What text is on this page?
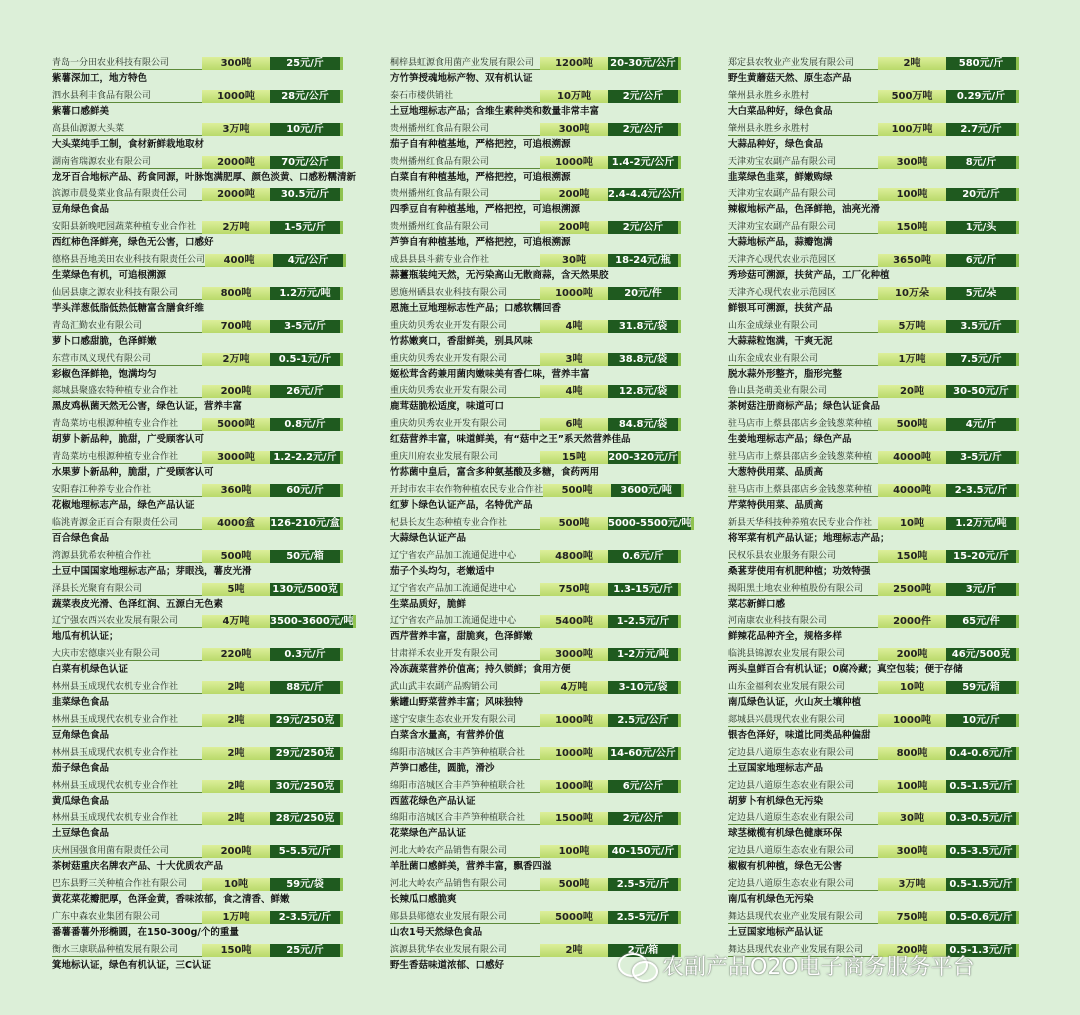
青岛一分田农业科技有限公司	300吨	25元/斤
紫薯深加工，地方特色
泗水县利丰食品有限公司	1000吨	28元/公斤
紫薯口感鲜美
高县仙源源大头菜	3万吨	10元/斤
大头菜纯手工制，食材新鲜栽地取材
湖南省瑞源农业有限公司	2000吨	70元/公斤
龙牙百合地标产品、药食同源，叶脉饱满肥厚、颜色淡黄、口感粉糯清新
滨源市晨曼菜业食品有限责任公司	2000吨	30.5元/斤
豆角绿色食品
安阳县新晚吧园蔬菜种植专业合作社	2万吨	1-5元/斤
西红柿色泽鲜亮，绿色无公害，口感好
德格县吾地美田农业科技有限责任公司	400吨	4元/公斤
生菜绿色有机，可追根溯源
仙居县康之源农业科技有限公司	800吨	1.2万元/吨
芋头洋葱低脂低热低糖富含膳食纤维
青岛汇勤农业有限公司	700吨	3-5元/斤
萝卜口感甜脆，色泽鲜嫩
东营市凤义现代有限公司	2万吨	0.5-1元/斤
彩椒色泽鲜艳，饱满均匀
郯城县聚盛农特种植专业合作社	200吨	26元/斤
黑皮鸡枞菌天然无公害，绿色认证，营养丰富
青岛菜坊屯根源种植专业合作社	5000吨	0.8元/斤
胡萝卜新品种，脆甜，广受顾客认可
青岛菜坊屯根源种植专业合作社	3000吨	1.2-2.2元/斤
水果萝卜新品种，脆甜，广受顾客认可
安阳春江种养专业合作社	360吨	60元/斤
花椒地理标志产品，绿色产品认证
临洮青源金正百合有限责任公司	4000盒	126-210元/盒
百合绿色食品
湾源县犹希农种植合作社	500吨	50元/箱
土豆中国国家地理标志产品；芽眼浅，薯皮光滑
泽县长光聚育有限公司	5吨	130元/500克
蔬菜表皮光滑、色泽红润、五源白无色素
辽宁强农西兴农业发展有限公司	4万吨	3500-3600元/吨
地瓜有机认证；
大庆市宏德康兴业有限公司	220吨	0.3元/斤
白菜有机绿色认证
林州县玉成现代农机专业合作社	2吨	88元/斤
韭菜绿色食品
林州县玉成现代农机专业合作社	2吨	29元/250克
豆角绿色食品
林州县玉成现代农机专业合作社	2吨	29元/250克
茄子绿色食品
林州县玉成现代农机专业合作社	2吨	30元/250克
黄瓜绿色食品
林州县玉成现代农机专业合作社	2吨	28元/250克
土豆绿色食品
庆州国强食用菌有限责任公司	200吨	5-5.5元/斤
茶树菇重庆名牌农产品、十大优质农产品
巴东县野三关种植合作社有限公司	10吨	59元/袋
黄花菜花瓣肥厚，色泽金黄，香味浓郁，食之清香、鲜嫩
广东中森农业集团有限公司	1万吨	2-3.5元/斤
番薯番薯外形椭圆，在150-300g/个的重量
衡水三康联晶种植发展有限公司	150吨	25元/斤
箕地标认证，绿色有机认证，三C认证
桐梓县虹源食用菌产业发展有限公司	1200吨	20-30元/公斤
方竹笋授魂地标产物、双有机认证
泰石市楼供销社	10万吨	2元/公斤
土豆地理标志产品；含维生素种类和数量非常丰富
贵州播州红食品有限公司	300吨	2元/公斤
茄子自有种植基地，严格把控，可追根溯源
贵州播州红食品有限公司	1000吨	1.4-2元/公斤
白菜自有种植基地，严格把控，可追根溯源
贵州播州红食品有限公司	200吨	2.4-4.4元/公斤
四季豆自有种植基地，严格把控，可追根溯源
贵州播州红食品有限公司	200吨	2元/公斤
芦笋自有种植基地，严格把控，可追根溯源
成县县县斗薪专业合作社	30吨	18-24元/瓶
蒜薹瓶装纯天然，无污染高山无散商蒜，含天然果胶
恩施州硒县农业科技有限公司	1000吨	20元/件
恩施土豆地理标志性产品；口感软糯回香
重庆幼贝秀农业开发有限公司	4吨	31.8元/袋
竹荪嫩爽口，香甜鲜美，别具风味
重庆幼贝秀农业开发有限公司	3吨	38.8元/袋
姬松茸含药兼用菌肉嫩味美有香仁味，营养丰富
重庆幼贝秀农业开发有限公司	4吨	12.8元/袋
鹿茸菇脆松适度，味道可口
重庆幼贝秀农业开发有限公司	6吨	84.8元/袋
红菇营养丰富，味道鲜美，有“菇中之王”系天然营养佳品
重庆川府农业发展有限公司	15吨	200-320元/斤
竹荪菌中皇后，富含多种氨基酸及多糖，食药两用
开封市农丰农作物种植农民专业合作社	500吨	3600元/吨
红萝卜绿色认证产品，名特优产品
杞县长友生态种植专业合作社	500吨	5000-5500元/吨
大蒜绿色认证产品
辽宁省农产品加工流通促进中心	4800吨	0.6元/斤
茄子个头均匀，老嫩适中
辽宁省农产品加工流通促进中心	750吨	1.3-15元/斤
生菜品质好，脆鲜
辽宁省农产品加工流通促进中心	5400吨	1-2.5元/斤
西芹营养丰富，甜脆爽，色泽鲜嫩
甘肃祥禾农业开发有限公司	3000吨	1-2万元/吨
冷冻蔬菜营养价值高；持久锁鲜；食用方便
武山武丰农副产品购销公司	4万吨	3-10元/袋
紫罐山野菜营养丰富；风味独特
遂宁安康生态农业开发有限公司	1000吨	2.5元/公斤
白菜含水量高，有营养价值
绵阳市涪城区合丰芦笋种植联合社	1000吨	14-60元/公斤
芦笋口感佳，圆脆，滑沙
绵阳市涪城区合丰芦笋种植联合社	1000吨	6元/公斤
西蓝花绿色产品认证
绵阳市涪城区合丰芦笋种植联合社	1500吨	2元/公斤
花菜绿色产品认证
河北大岭农产品销售有限公司	100吨	40-150元/斤
羊肚菌口感鲜美，营养丰富，飘香四溢
河北大岭农产品销售有限公司	500吨	2.5-5元/斤
长辣瓜口感脆爽
郧县县郧德农业发展有限公司	5000吨	2.5-5元/斤
山农1号天然绿色食品
滨源县犹华农业发展有限公司	2吨	2元/箱
野生香菇味道浓郁、口感好
郑定县农牧业产业发展有限公司	2吨	580元/斤
野生黄蘑菇天然、原生态产品
肇州县永胜乡永胜村	500万吨	0.29元/斤
大白菜品种好，绿色食品
肇州县永胜乡永胜村	100万吨	2.7元/斤
大蒜品种好，绿色食品
天津劝宝农副产品有限公司	300吨	8元/斤
韭菜绿色韭菜，鲜嫩购绿
天津劝宝农副产品有限公司	100吨	20元/斤
辣椒地标产品，色泽鲜艳，油亮光滑
天津劝宝农副产品有限公司	150吨	1元/头
大蒜地标产品，蒜瓣饱满
天津齐心现代农业示范园区	3650吨	6元/斤
秀珍菇可溯源，扶贫产品，工厂化种植
天津齐心现代农业示范园区	10万朵	5元/朵
鲜银耳可溯源，扶贫产品
山东金成绿业有限公司	5万吨	3.5元/斤
大蒜蒜粒饱满，干爽无泥
山东金成农业有限公司	1万吨	7.5元/斤
脱水蒜外形整齐，脂形完整
鲁山县尧萌美业有限公司	20吨	30-50元/斤
茶树菇注册商标产品；绿色认证食品
驻马店市上蔡县邵店乡金钱葱菜种植	500吨	4元/斤
生姜地理标志产品；绿色产品
驻马店市上蔡县邵店乡金钱葱菜种植	4000吨	3-5元/斤
大葱特供用菜、品质高
驻马店市上蔡县邵店乡金钱葱菜种植	4000吨	2-3.5元/斤
芹菜特供用菜、品质高
新县天华科技种养殖农民专业合作社	10吨	1.2万元/吨
将军菜有机产品认证；地理标志产品；
民权乐县农业服务有限公司	150吨	15-20元/斤
桑葚芽使用有机肥种植；功效特强
揭阳黑土地农业种植股份有限公司	2500吨	3元/斤
菜芯新鲜口感
河南康农业科技有限公司	2000件	65元/件
鲜辣花品种齐全，规格多样
临洮县锦源农业发展有限公司	200吨	46元/500克
两头皇鲜百合有机认证；0腐冷藏；真空包装；便于存储
山东金福利农业发展有限公司	10吨	59元/箱
南瓜绿色认证，火山灰土壤种植
郯城县兴晨现代农业有限公司	1000吨	10元/斤
银杏色泽好，味道比同类品种偏甜
定边县八道原生态农业有限公司	800吨	0.4-0.6元/斤
土豆国家地理标志产品
定边县八道原生态农业有限公司	100吨	0.5-1.5元/斤
胡萝卜有机绿色无污染
定边县八道原生态农业有限公司	30吨	0.3-0.5元/斤
球茎橄榄有机绿色健康环保
定边县八道原生态农业有限公司	300吨	0.5-3.5元/斤
椒椒有机种植，绿色无公害
定边县八道原生态农业有限公司	3万吨	0.5-1.5元/斤
南瓜有机绿色无污染
舞达县现代农业产业发展有限公司	750吨	0.5-0.6元/斤
土豆国家地标产品认证
舞达县现代农业产业发展有限公司	200吨	0.5-1.3元/斤
农副产品O2O电子商务服务平台
